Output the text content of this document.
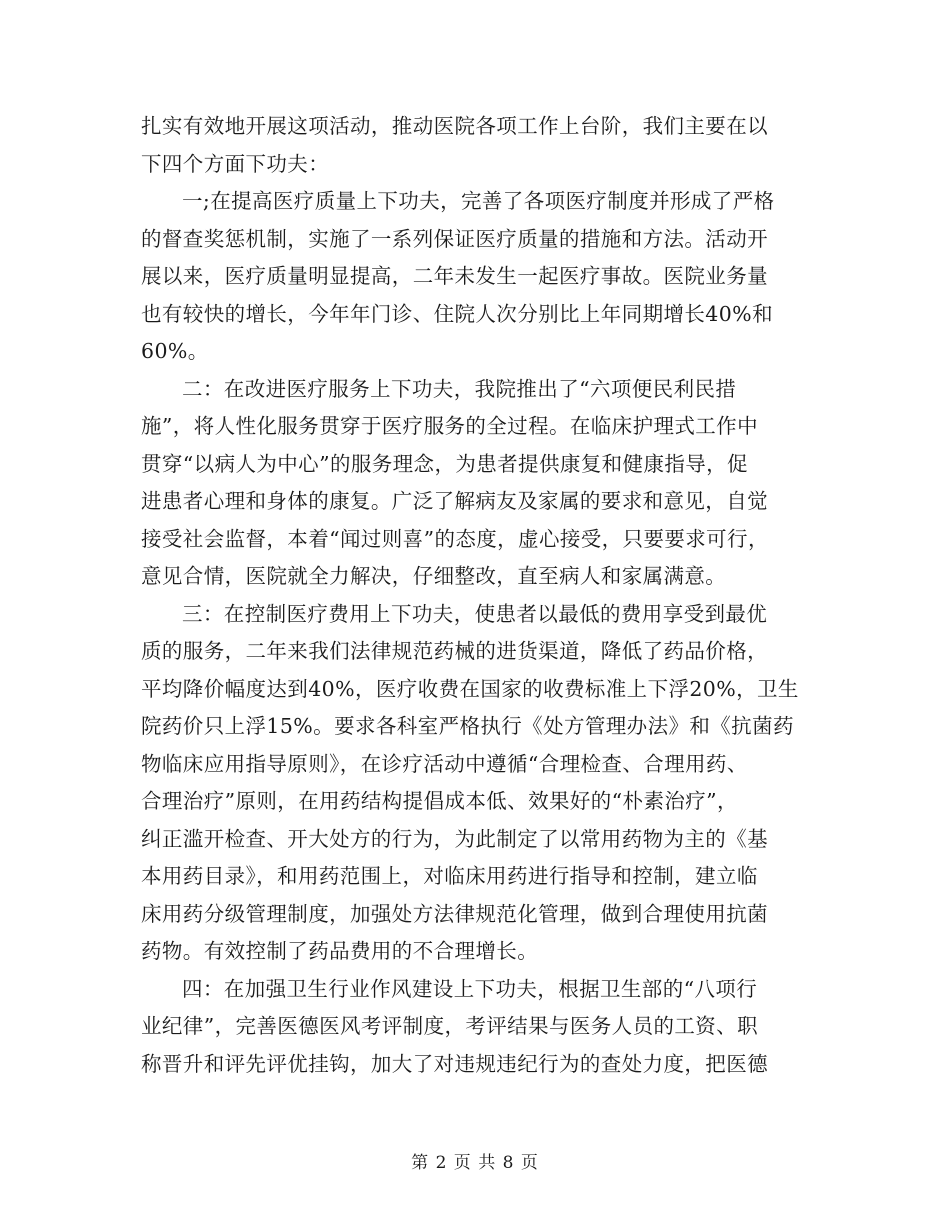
扎实有效地开展这项活动，推动医院各项工作上台阶，我们主要在以
下四个方面下功夫：
一;在提高医疗质量上下功夫，完善了各项医疗制度并形成了严格
的督查奖惩机制，实施了一系列保证医疗质量的措施和方法。活动开
展以来，医疗质量明显提高，二年未发生一起医疗事故。医院业务量
也有较快的增长，今年年门诊、住院人次分别比上年同期增长40%和
60%。
二：在改进医疗服务上下功夫，我院推出了“六项便民利民措
施”，将人性化服务贯穿于医疗服务的全过程。在临床护理式工作中
贯穿“以病人为中心”的服务理念，为患者提供康复和健康指导，促
进患者心理和身体的康复。广泛了解病友及家属的要求和意见，自觉
接受社会监督，本着“闻过则喜”的态度，虚心接受，只要要求可行，
意见合情，医院就全力解决，仔细整改，直至病人和家属满意。
三：在控制医疗费用上下功夫，使患者以最低的费用享受到最优
质的服务，二年来我们法律规范药械的进货渠道，降低了药品价格，
平均降价幅度达到40%，医疗收费在国家的收费标准上下浮20%，卫生
院药价只上浮15%。要求各科室严格执行《处方管理办法》和《抗菌药
物临床应用指导原则》，在诊疗活动中遵循“合理检查、合理用药、
合理治疗”原则，在用药结构提倡成本低、效果好的“朴素治疗”，
纠正滥开检查、开大处方的行为，为此制定了以常用药物为主的《基
本用药目录》，和用药范围上，对临床用药进行指导和控制，建立临
床用药分级管理制度，加强处方法律规范化管理，做到合理使用抗菌
药物。有效控制了药品费用的不合理增长。
四：在加强卫生行业作风建设上下功夫，根据卫生部的“八项行
业纪律”，完善医德医风考评制度，考评结果与医务人员的工资、职
称晋升和评先评优挂钩，加大了对违规违纪行为的查处力度，把医德
第 2 页 共 8 页
